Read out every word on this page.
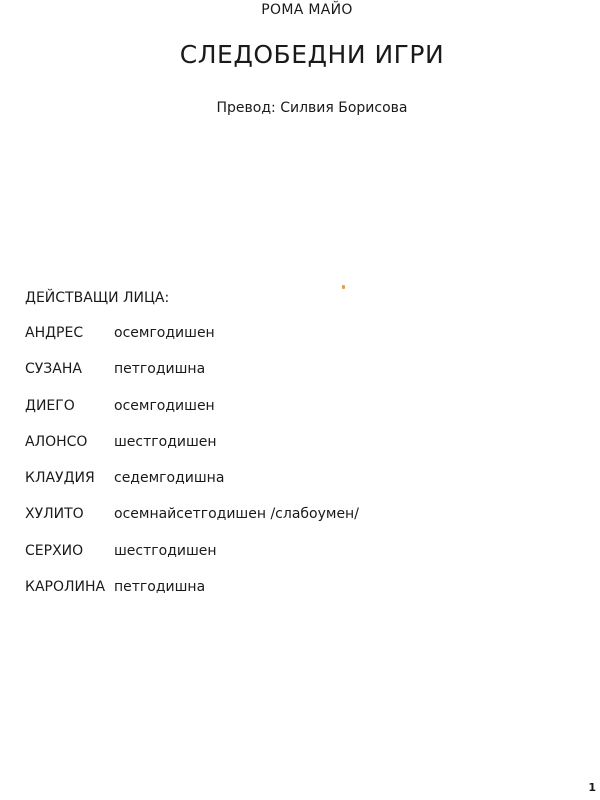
РОМА МАЙО
СЛЕДОБЕДНИ ИГРИ
Превод: Силвия Борисова
ДЕЙСТВАЩИ ЛИЦА:
АНДРЕС	осемгодишен
СУЗАНА	петгодишна
ДИЕГО	осемгодишен
АЛОНСО	шестгодишен
КЛАУДИЯ	седемгодишна
ХУЛИТО	осемнайсетгодишен /слабоумен/
СЕРХИО	шестгодишен
КАРОЛИНА петгодишна
1
